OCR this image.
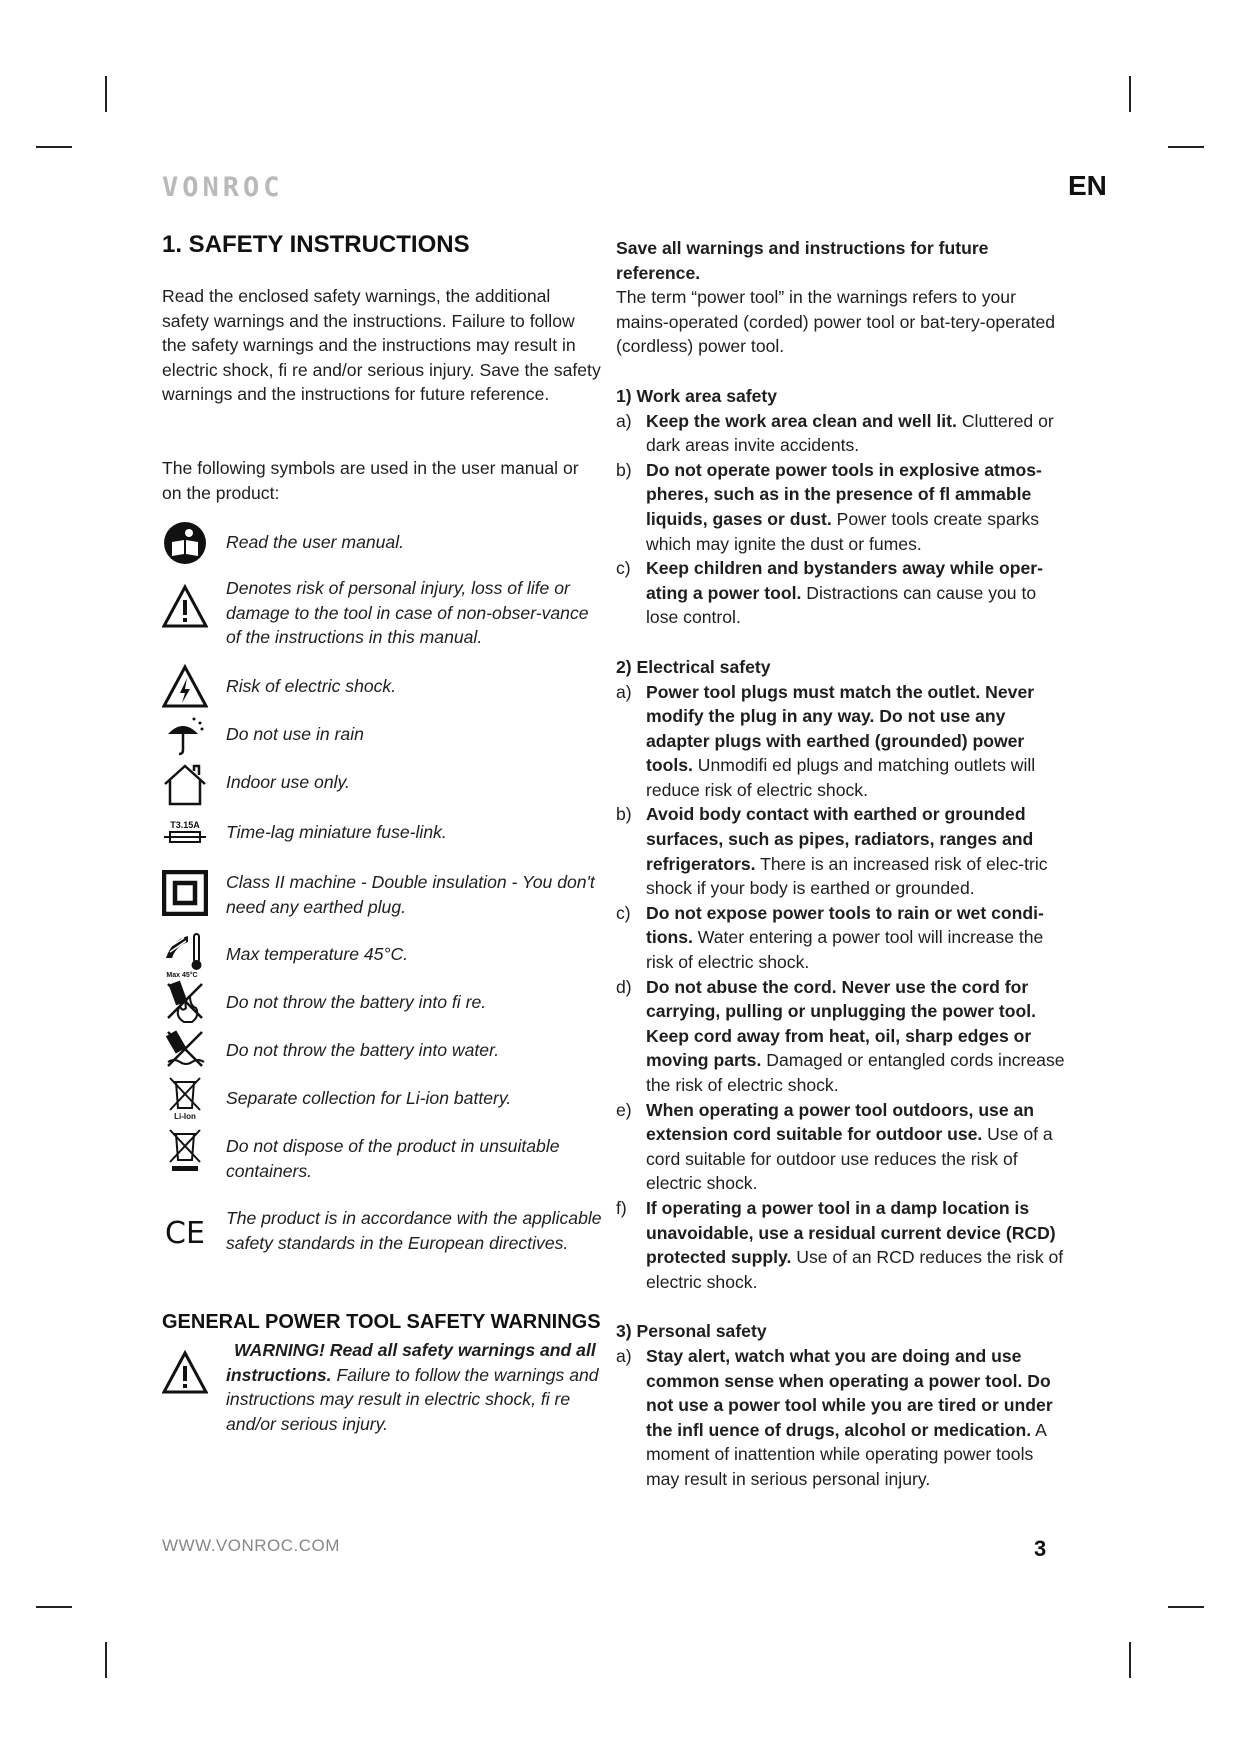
VONROC	EN
1. SAFETY INSTRUCTIONS
Read the enclosed safety warnings, the additional safety warnings and the instructions. Failure to follow the safety warnings and the instructions may result in electric shock, fi re and/or serious injury. Save the safety warnings and the instructions for future reference.
The following symbols are used in the user manual or on the product:
Read the user manual.
Denotes risk of personal injury, loss of life or damage to the tool in case of non-obser-vance of the instructions in this manual.
Risk of electric shock.
Do not use in rain
Indoor use only.
T3.15A Time-lag miniature fuse-link.
Class II machine - Double insulation - You don't need any earthed plug.
Max 45°C
Max temperature 45°C.
Do not throw the battery into fi re.
Do not throw the battery into water.
Li-Ion
Separate collection for Li-ion battery.
Do not dispose of the product in unsuitable containers.
CE The product is in accordance with the applicable safety standards in the European directives.
GENERAL POWER TOOL SAFETY WARNINGS
WARNING! Read all safety warnings and all instructions. Failure to follow the warnings and instructions may result in electric shock, fi re and/or serious injury.
Save all warnings and instructions for future reference.
The term “power tool” in the warnings refers to your mains-operated (corded) power tool or bat-tery-operated (cordless) power tool.
1) Work area safety
a) Keep the work area clean and well lit. Cluttered or dark areas invite accidents.
b) Do not operate power tools in explosive atmos-pheres, such as in the presence of fl ammable liquids, gases or dust. Power tools create sparks which may ignite the dust or fumes.
c) Keep children and bystanders away while oper-ating a power tool. Distractions can cause you to lose control.
2) Electrical safety
a) Power tool plugs must match the outlet. Never modify the plug in any way. Do not use any adapter plugs with earthed (grounded) power tools. Unmodifi ed plugs and matching outlets will reduce risk of electric shock.
b) Avoid body contact with earthed or grounded surfaces, such as pipes, radiators, ranges and refrigerators. There is an increased risk of elec-tric shock if your body is earthed or grounded.
c) Do not expose power tools to rain or wet condi-tions. Water entering a power tool will increase the risk of electric shock.
d) Do not abuse the cord. Never use the cord for carrying, pulling or unplugging the power tool. Keep cord away from heat, oil, sharp edges or moving parts. Damaged or entangled cords increase the risk of electric shock.
e) When operating a power tool outdoors, use an extension cord suitable for outdoor use. Use of a cord suitable for outdoor use reduces the risk of electric shock.
f) If operating a power tool in a damp location is unavoidable, use a residual current device (RCD) protected supply. Use of an RCD reduces the risk of electric shock.
3) Personal safety
a) Stay alert, watch what you are doing and use common sense when operating a power tool. Do not use a power tool while you are tired or under the infl uence of drugs, alcohol or medication. A moment of inattention while operating power tools may result in serious personal injury.
WWW.VONROC.COM	3
